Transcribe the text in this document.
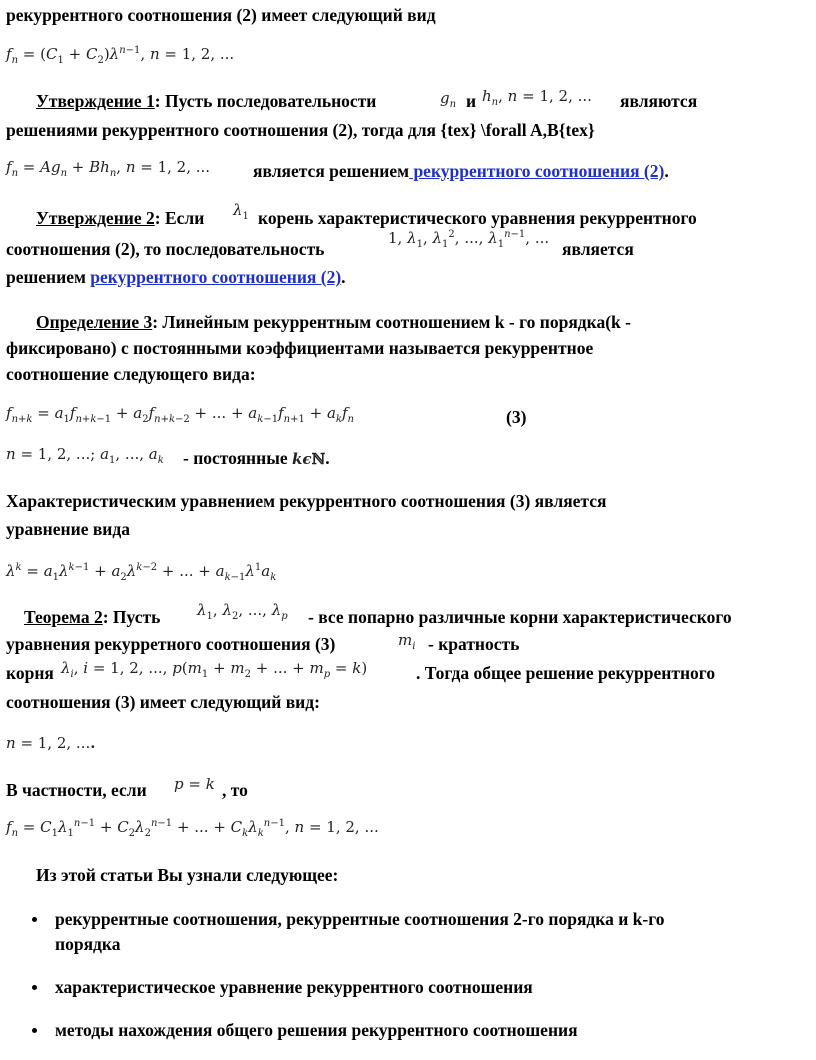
рекуррентного соотношения (2) имеет следующий вид
$f_n = (C_1 + C_2)\lambda^{n-1}$, n = 1, 2, ...
Утверждение 1: Пусть последовательности	$g_n$ и $h_n$, n = 1, 2, ... являются
решениями рекуррентного соотношения (2), тогда для {tex} \forall A,B{tex}
$f_n = Ag_n + Bh_n$, n = 1, 2, ... является решением рекуррентного соотношения (2).
Утверждение 2: Если $\lambda_1$ корень характеристического уравнения рекуррентного
соотношения (2), то последовательность
1, $\lambda_1$, $\lambda_1^2$, ..., $\lambda_1^{n-1}$, ...
является
решением рекуррентного соотношения (2).
Определение 3: Линейным рекуррентным соотношением k - го порядка(k -
фиксировано) с постоянными коэффициентами называется рекуррентное
соотношение следующего вида:
$f_{n+k} = a_1f_{n+k-1} + a_2f_{n+k-2}$ + ... + $a_{k-1}f_{n+1} + a_kf_n$	(3)
n = 1, 2, ...; $a_1$, ..., $a_k$ - постоянные kϵℕ.
Характеристическим уравнением рекуррентного соотношения (3) является
уравнение вида
$\lambda^k = a_1\lambda^{k-1} + a_2\lambda^{k-2}$ + ... + $a_{k-1}\lambda^1a_k$
Теорема 2: Пусть $\lambda_1$, $\lambda_2$, ..., $\lambda_p$ - все попарно различные корни характеристического
уравнения рекурретного соотношения (3)	$m_i$ - кратность
корня $\lambda_i$, i = 1, 2, ..., $p(m_1 + m_2$ + ... + $m_p = k$)	. Тогда общее решение рекуррентного
соотношения (3) имеет следующий вид:
n = 1, 2, ....
В частности, если p = k , то
$f_n = C_1\lambda_1^{n-1} + C_2\lambda_2^{n-1}$ + ... + $C_k\lambda_k^{n-1}$, n = 1, 2, ...
Из этой статьи Вы узнали следующее:
рекуррентные соотношения, рекуррентные соотношения 2-го порядка и k-го
порядка
характеристическое уравнение рекуррентного соотношения
методы нахождения общего решения рекуррентного соотношения
